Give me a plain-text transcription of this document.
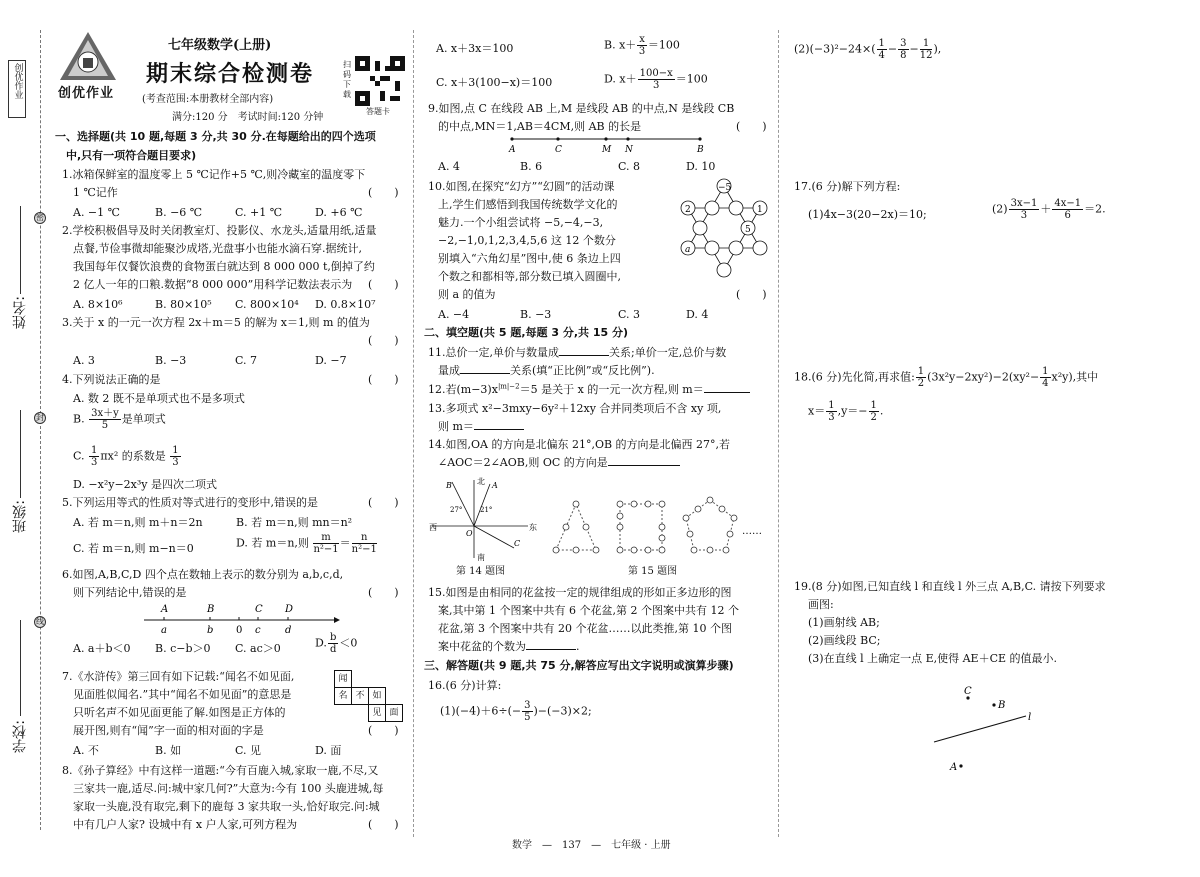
创优作业
密
封
线
姓名:
班级:
学校:
创优作业
七年级数学(上册)
期末综合检测卷
(考查范围:本册教材全部内容)
满分:120 分　考试时间:120 分钟
扫码下载
答题卡

一、选择题(共 10 题,每题 3 分,共 30 分.在每题给出的四个选项

中,只有一项符合题目要求)

1.冰箱保鲜室的温度零上 5 ℃记作+5 ℃,则冷藏室的温度零下

1 ℃记作	(　　)
A. −1 ℃	B. −6 ℃	C. +1 ℃	D. +6 ℃

2.学校积极倡导及时关闭教室灯、投影仪、水龙头,适量用纸,适量

点餐,节俭事微却能聚沙成塔,光盘事小也能水滴石穿.据统计,

我国每年仅餐饮浪费的食物蛋白就达到 8 000 000 t,倒掉了约

2 亿人一年的口粮.数据“8 000 000”用科学记数法表示为 (　　)
A. 8×10⁶	B. 80×10⁵ C. 800×10⁴ D. 0.8×10⁷

3.关于 x 的一元一次方程 2x＋m＝5 的解为 x＝1,则 m 的值为

(　　)
A. 3	B. −3	C. 7	D. −7

4.下列说法正确的是	(　　)

A. 数 2 既不是单项式也不是多项式

B. $\frac{3x+y}{5}$ 是单项式
C. $\frac{1}{3} \pi x^2$ 的系数是 $\frac{1}{3}$

D. −x²y−2x³y 是四次二项式

5.下列运用等式的性质对等式进行的变形中,错误的是	(　　)

A. 若 m＝n,则 m＋n＝2n	B. 若 m＝n,则 mn＝n²

C. 若 m＝n,则 m−n＝0	D. 若 m＝n,则 $\frac{m}{\text{n²−1}} = \frac{n}{\text{n²−1}}$

6.如图,A,B,C,D 四个点在数轴上表示的数分别为 a,b,c,d,

则下列结论中,错误的是	(　　)
A	B	C D
a	b 0 c d
A. a＋b＜0 B. c−b＞0 C. ac＞0	D. $\frac{b}{d} <0$

7.《水浒传》第三回有如下记载:“闻名不如见面,

见面胜似闻名.”其中“闻名不如见面”的意思是

只听名声不如见面更能了解.如图是正方体的

展开图,则有“闻”字一面的相对面的字是	(　　)
闻
名 不 如
见 面
A. 不	B. 如	C. 见	D. 面

8.《孙子算经》中有这样一道题:“今有百鹿入城,家取一鹿,不尽,又

三家共一鹿,适尽.问:城中家几何?”大意为:今有 100 头鹿进城,每

家取一头鹿,没有取完,剩下的鹿每 3 家共取一头,恰好取完.问:城

中有几户人家? 设城中有 x 户人家,可列方程为	(　　)

A. x＋3x＝100	B. $x+ \frac{x}{3} =100$

C. x＋3(100−x)＝100	D. $x+ \frac{100-x}{3} =100$

9.如图,点 C 在线段 AB 上,M 是线段 AB 的中点,N 是线段 CB

的中点,MN＝1,AB＝4CM,则 AB 的长是	(　　)
A	C	M N	B
A. 4	B. 6	C. 8	D. 10

10.如图,在探究“幻方”“幻圆”的活动课

上,学生们感悟到我国传统数学文化的

魅力.一个小组尝试将 −5,−4,−3,

−2,−1,0,1,2,3,4,5,6 这 12 个数分

别填入“六角幻星”图中,使 6 条边上四

个数之和都相等,部分数已填入圆圈中,

则 a 的值为	(　　)
−5
2	1
5
a
A. −4	B. −3	C. 3	D. 4

二、填空题(共 5 题,每题 3 分,共 15 分)

11.总价一定,单价与数量成	关系;单价一定,总价与数
量成	关系(填“正比例”或“反比例”).
12.若$(m-3)x^{|m|-2}=5$ 是关于 x 的一元一次方程,则 m＝

13.多项式 x²−3mxy−6y²＋12xy 合并同类项后不含 xy 项,

则 m＝

14.如图,OA 的方向是北偏东 21°,OB 的方向是北偏西 27°,若

∠AOC＝2∠AOB,则 OC 的方向是
西	东
北
南
O
A
B
C
27°	21°
……

第 14 题图	第 15 题图

15.如图是由相同的花盆按一定的规律组成的形如正多边形的图

案,其中第 1 个图案中共有 6 个花盆,第 2 个图案中共有 12 个

花盆,第 3 个图案中共有 20 个花盆……以此类推,第 10 个图

案中花盆的个数为	.

三、解答题(共 9 题,共 75 分,解答应写出文字说明或演算步骤)

16.(6 分)计算:

$(1)(-4)+6\div(- \frac{3}{5} )-(-3)\times 2$;

数学　—　137　—　七年级 · 上册

$(2)(-3)^2-24\times( \frac{1}{4} - \frac{3}{8} - \frac{1}{12}$ ),

17.(6 分)解下列方程:

(1)4x−3(20−2x)＝10;	$(2) \frac{3x-1}{3} + \frac{4x-1}{6} =2$.
18.(6 分)先化简,再求值: $\frac{1}{2} (3x^2y-2xy^2)-2(xy^2- \frac{1}{4} x^2y)$,其中
$x= \frac{1}{3} ,y=- \frac{1}{2}$ .

19.(8 分)如图,已知直线 l 和直线 l 外三点 A,B,C. 请按下列要求

画图:

(1)画射线 AB;

(2)画线段 BC;

(3)在直线 l 上确定一点 E,使得 AE＋CE 的值最小.

l
C
B
A
